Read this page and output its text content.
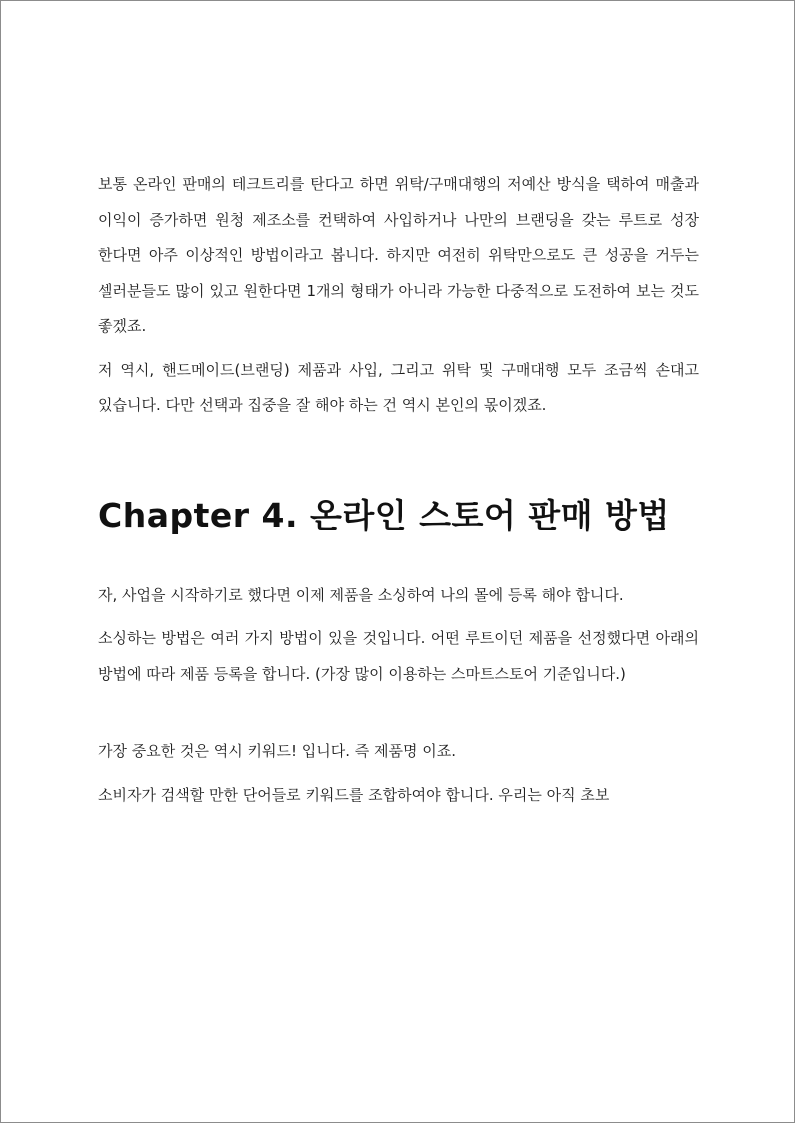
보통 온라인 판매의 테크트리를 탄다고 하면 위탁/구매대행의 저예산 방식을 택하여 매출과 이익이 증가하면 원청 제조소를 컨택하여 사입하거나 나만의 브랜딩을 갖는 루트로 성장 한다면 아주 이상적인 방법이라고 봅니다. 하지만 여전히 위탁만으로도 큰 성공을 거두는 셀러분들도 많이 있고 원한다면 1개의 형태가 아니라 가능한 다중적으로 도전하여 보는 것도 좋겠죠.

저 역시, 핸드메이드(브랜딩) 제품과 사입, 그리고 위탁 및 구매대행 모두 조금씩 손대고 있습니다. 다만 선택과 집중을 잘 해야 하는 건 역시 본인의 몫이겠죠.

Chapter 4. 온라인 스토어 판매 방법

자, 사업을 시작하기로 했다면 이제 제품을 소싱하여 나의 몰에 등록 해야 합니다.

소싱하는 방법은 여러 가지 방법이 있을 것입니다. 어떤 루트이던 제품을 선정했다면 아래의 방법에 따라 제품 등록을 합니다. (가장 많이 이용하는 스마트스토어 기준입니다.)

가장 중요한 것은 역시 키워드! 입니다. 즉 제품명 이죠.

소비자가 검색할 만한 단어들로 키워드를 조합하여야 합니다. 우리는 아직 초보
